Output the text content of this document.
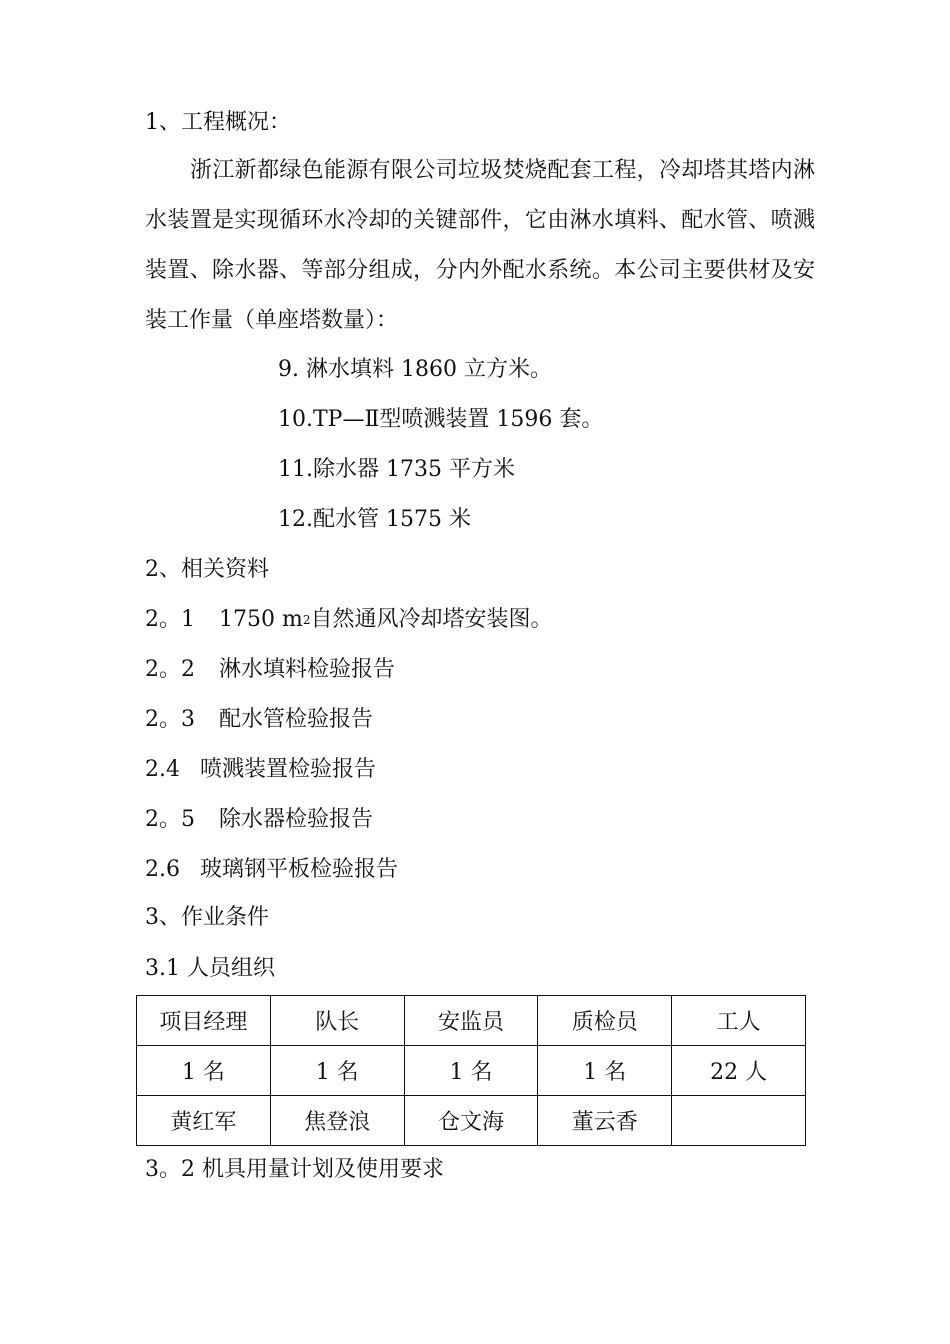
1、工程概况：
浙江新都绿色能源有限公司垃圾焚烧配套工程，冷却塔其塔内淋
水装置是实现循环水冷却的关键部件，它由淋水填料、配水管、喷溅
装置、除水器、等部分组成，分内外配水系统。本公司主要供材及安
装工作量（单座塔数量）：
9. 淋水填料 1860 立方米。
10.TP—Ⅱ型喷溅装置 1596 套。
11.除水器 1735 平方米
12.配水管 1575 米
2、相关资料
2。1 1750 m2自然通风冷却塔安装图。
2。2 淋水填料检验报告
2。3 配水管检验报告
2.4 喷溅装置检验报告
2。5 除水器检验报告
2.6 玻璃钢平板检验报告
3、作业条件
3.1 人员组织
项目经理	队长	安监员	质检员	工人
1 名	1 名	1 名	1 名	22 人
黄红军	焦登浪	仓文海	董云香	
3。2 机具用量计划及使用要求
